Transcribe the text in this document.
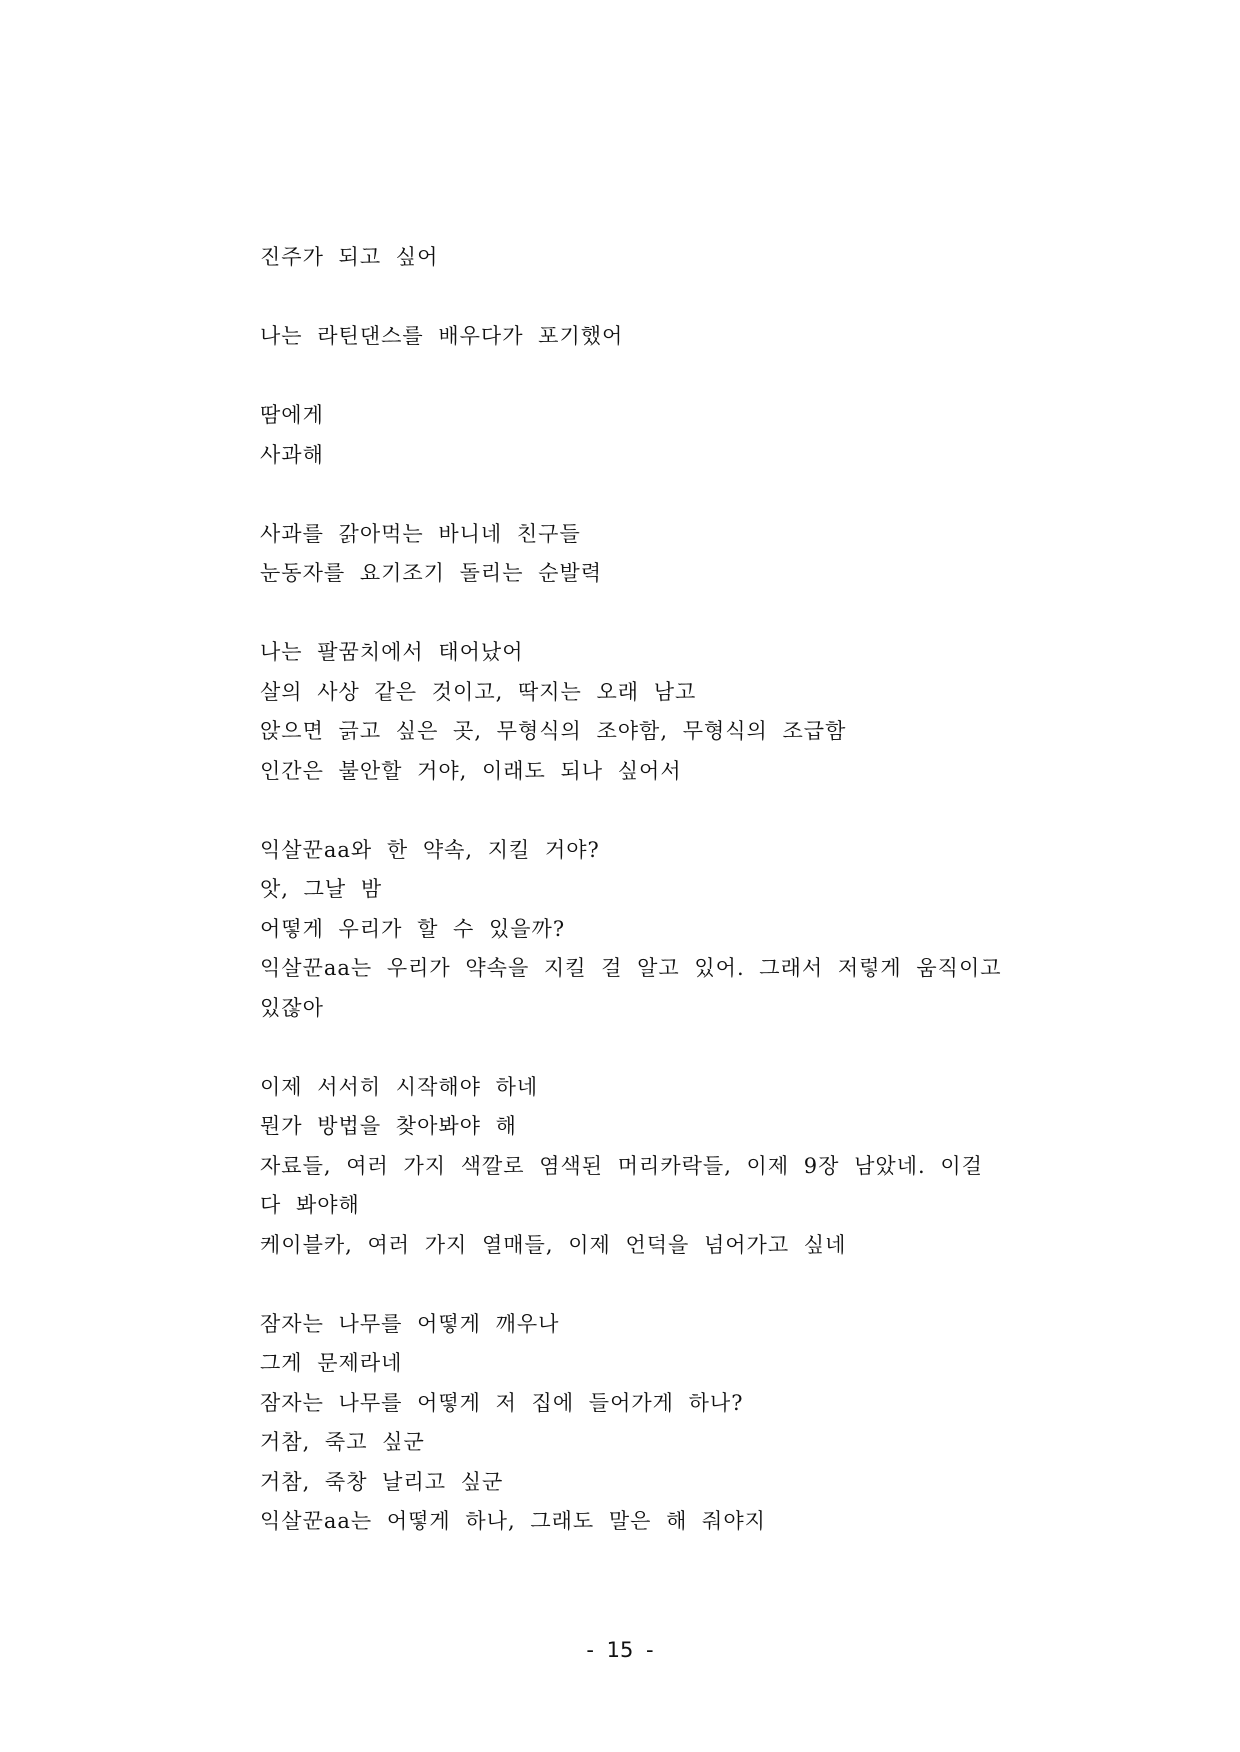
진주가 되고 싶어
나는 라틴댄스를 배우다가 포기했어
땀에게
사과해
사과를 갉아먹는 바니네 친구들
눈동자를 요기조기 돌리는 순발력
나는 팔꿈치에서 태어났어
살의 사상 같은 것이고, 딱지는 오래 남고
앉으면 긁고 싶은 곳, 무형식의 조야함, 무형식의 조급함
인간은 불안할 거야, 이래도 되나 싶어서
익살꾼aa와 한 약속, 지킬 거야?
앗, 그날 밤
어떻게 우리가 할 수 있을까?
익살꾼aa는 우리가 약속을 지킬 걸 알고 있어. 그래서 저렇게 움직이고
있잖아
이제 서서히 시작해야 하네
뭔가 방법을 찾아봐야 해
자료들, 여러 가지 색깔로 염색된 머리카락들, 이제 9장 남았네. 이걸
다 봐야해
케이블카, 여러 가지 열매들, 이제 언덕을 넘어가고 싶네
잠자는 나무를 어떻게 깨우나
그게 문제라네
잠자는 나무를 어떻게 저 집에 들어가게 하나?
거참, 죽고 싶군
거참, 죽창 날리고 싶군
익살꾼aa는 어떻게 하나, 그래도 말은 해 줘야지
- 15 -
